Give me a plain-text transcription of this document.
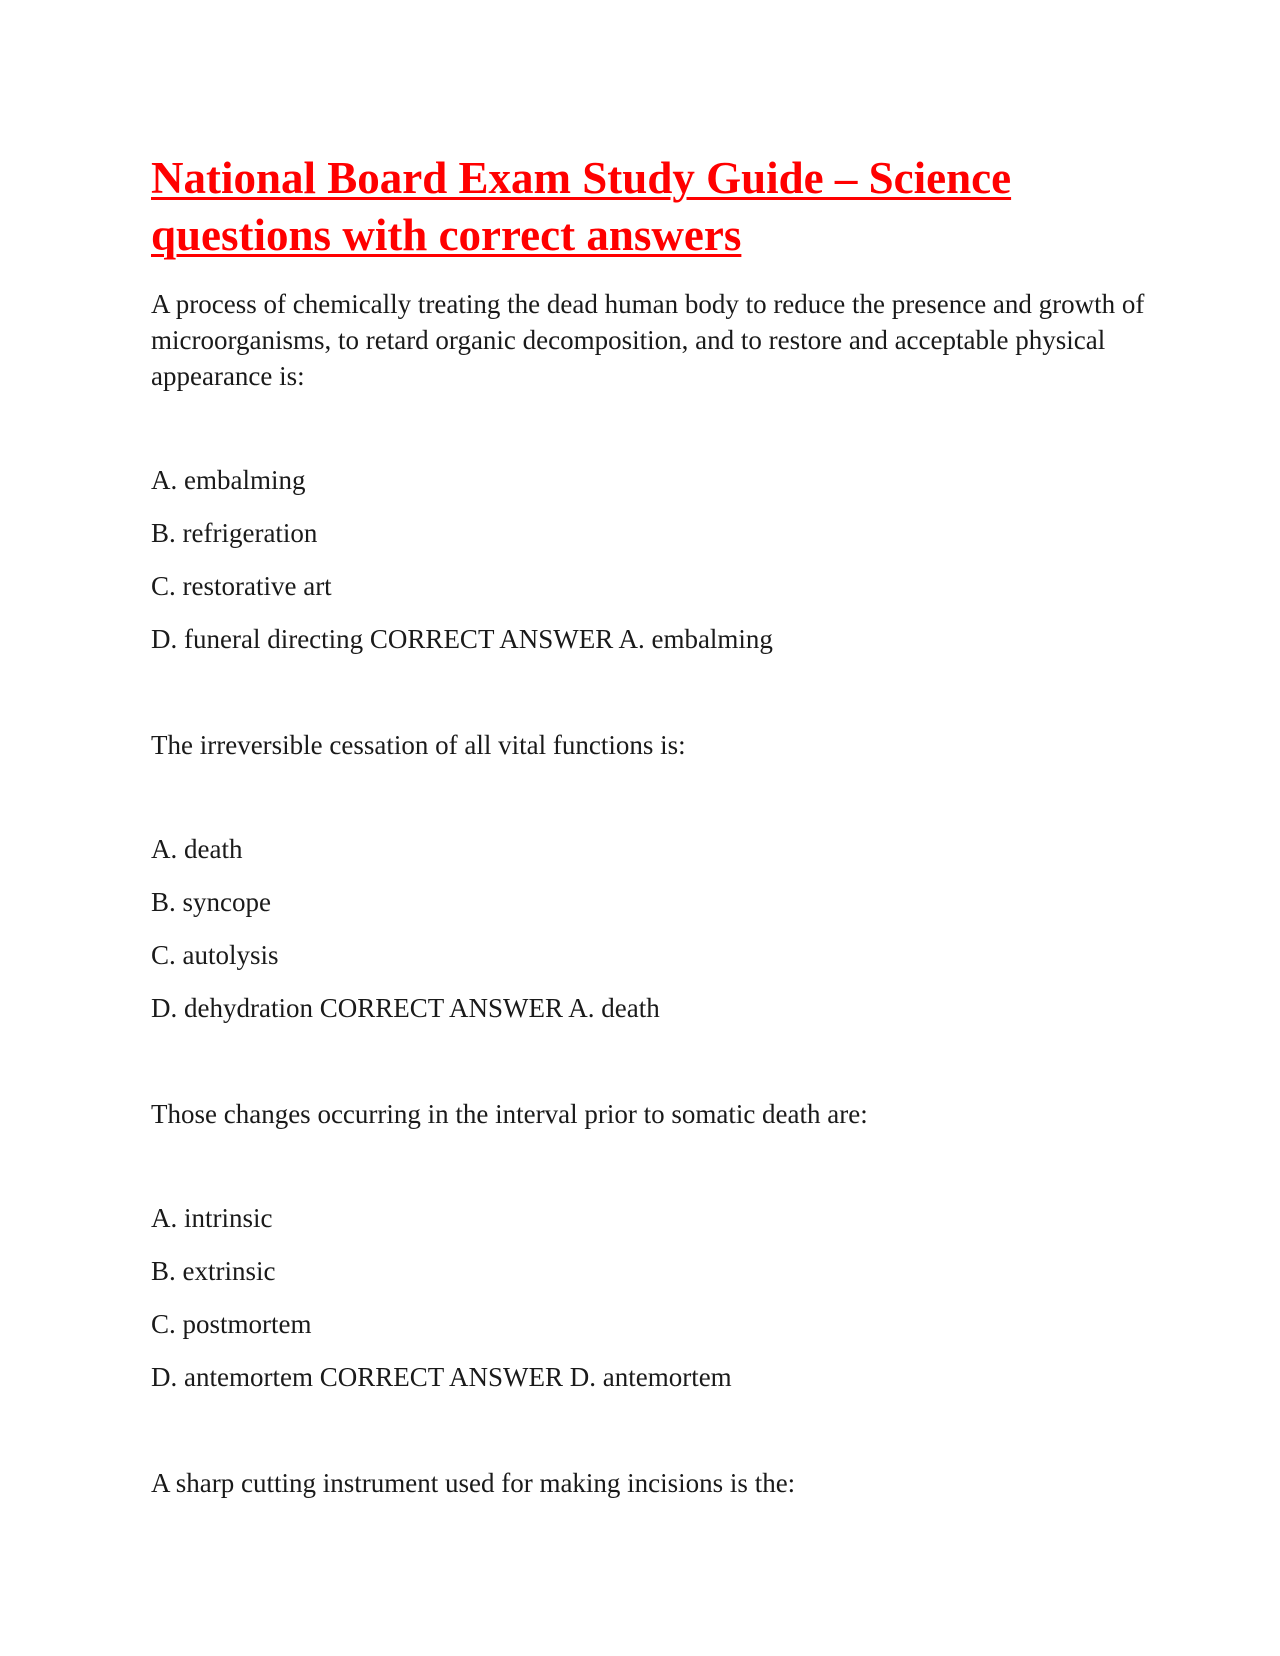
National Board Exam Study Guide – Science questions with correct answers

A process of chemically treating the dead human body to reduce the presence and growth of microorganisms, to retard organic decomposition, and to restore and acceptable physical appearance is:

A. embalming

B. refrigeration

C. restorative art

D. funeral directing CORRECT ANSWER A. embalming

The irreversible cessation of all vital functions is:

A. death

B. syncope

C. autolysis

D. dehydration CORRECT ANSWER A. death

Those changes occurring in the interval prior to somatic death are:

A. intrinsic

B. extrinsic

C. postmortem

D. antemortem CORRECT ANSWER D. antemortem

A sharp cutting instrument used for making incisions is the:
